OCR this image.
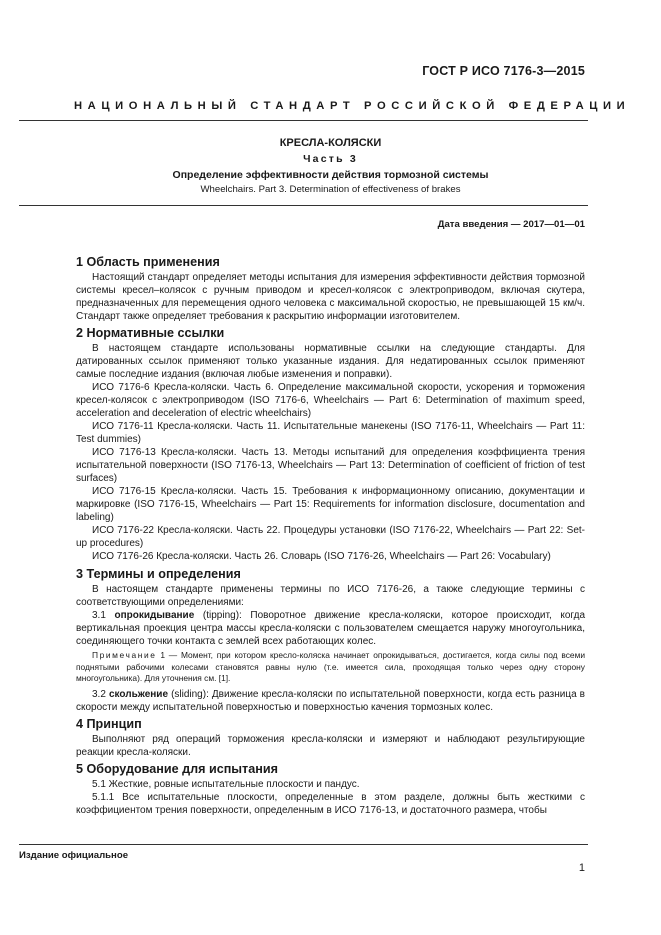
ГОСТ Р ИСО 7176-3—2015
НАЦИОНАЛЬНЫЙ СТАНДАРТ РОССИЙСКОЙ ФЕДЕРАЦИИ
КРЕСЛА-КОЛЯСКИ
Часть 3
Определение эффективности действия тормозной системы
Wheelchairs. Part 3. Determination of effectiveness of brakes
Дата введения — 2017—01—01
1 Область применения

Настоящий стандарт определяет методы испытания для измерения эффективности действия тормозной системы кресел–колясок с ручным приводом и кресел-колясок с электроприводом, включая скутера, предназначенных для перемещения одного человека с максимальной скоростью, не превышающей 15 км/ч. Стандарт также определяет требования к раскрытию информации изготовителем.

2 Нормативные ссылки

В настоящем стандарте использованы нормативные ссылки на следующие стандарты. Для датированных ссылок применяют только указанные издания. Для недатированных ссылок применяют самые последние издания (включая любые изменения и поправки).

ИСО 7176-6 Кресла-коляски. Часть 6. Определение максимальной скорости, ускорения и торможения кресел-колясок с электроприводом (ISO 7176-6, Wheelchairs — Part 6: Determination of maximum speed, acceleration and deceleration of electric wheelchairs)

ИСО 7176-11 Кресла-коляски. Часть 11. Испытательные манекены (ISO 7176-11, Wheelchairs — Part 11: Test dummies)

ИСО 7176-13 Кресла-коляски. Часть 13. Методы испытаний для определения коэффициента трения испытательной поверхности (ISO 7176-13, Wheelchairs — Part 13: Determination of coefficient of friction of test surfaces)

ИСО 7176-15 Кресла-коляски. Часть 15. Требования к информационному описанию, документации и маркировке (ISO 7176-15, Wheelchairs — Part 15: Requirements for information disclosure, documentation and labeling)

ИСО 7176-22 Кресла-коляски. Часть 22. Процедуры установки (ISO 7176-22, Wheelchairs — Part 22: Set-up procedures)

ИСО 7176-26 Кресла-коляски. Часть 26. Словарь (ISO 7176-26, Wheelchairs — Part 26: Vocabulary)

3 Термины и определения

В настоящем стандарте применены термины по ИСО 7176-26, а также следующие термины с соответствующими определениями:

3.1 опрокидывание (tipping): Поворотное движение кресла-коляски, которое происходит, когда вертикальная проекция центра массы кресла-коляски с пользователем смещается наружу многоугольника, соединяющего точки контакта с землей всех работающих колес.

Примечание 1 — Момент, при котором кресло-коляска начинает опрокидываться, достигается, когда силы под всеми поднятыми рабочими колесами становятся равны нулю (т.е. имеется сила, проходящая только через одну сторону многоугольника). Для уточнения см. [1].

3.2 скольжение (sliding): Движение кресла-коляски по испытательной поверхности, когда есть разница в скорости между испытательной поверхностью и поверхностью качения тормозных колес.

4 Принцип

Выполняют ряд операций торможения кресла-коляски и измеряют и наблюдают результирующие реакции кресла-коляски.

5 Оборудование для испытания

5.1 Жесткие, ровные испытательные плоскости и пандус.

5.1.1 Все испытательные плоскости, определенные в этом разделе, должны быть жесткими с коэффициентом трения поверхности, определенным в ИСО 7176-13, и достаточного размера, чтобы

Издание официальное
1
